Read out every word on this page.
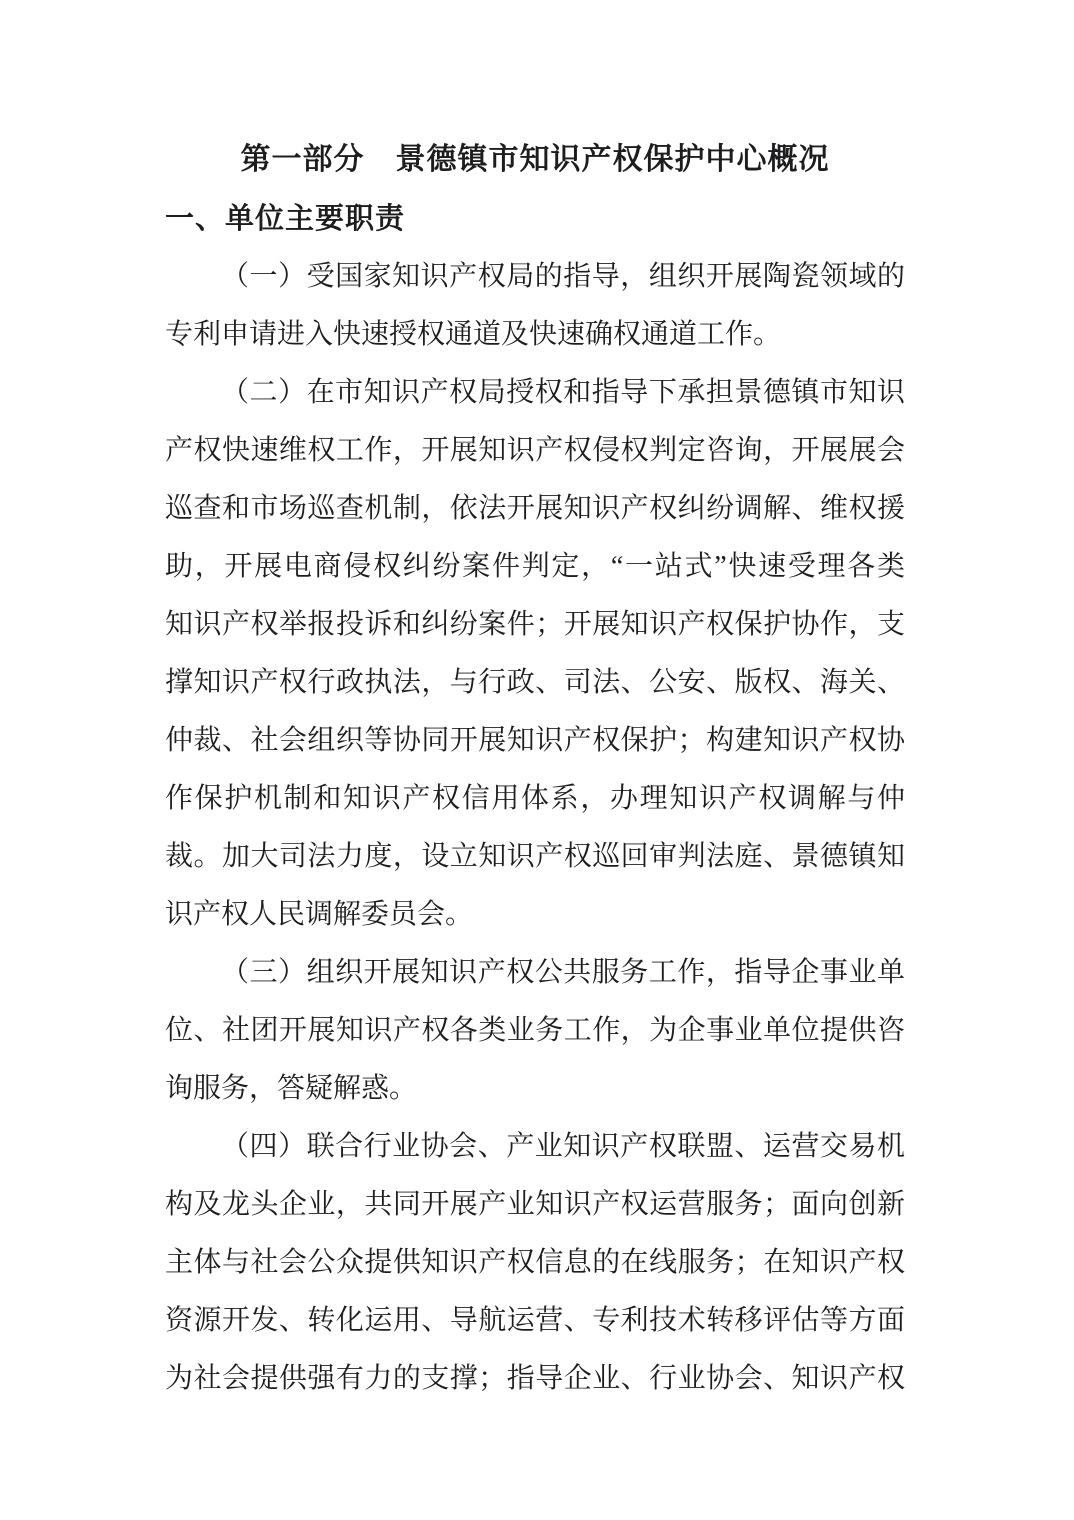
第一部分　景德镇市知识产权保护中心概况
一、单位主要职责
（一）受国家知识产权局的指导，组织开展陶瓷领域的
专利申请进入快速授权通道及快速确权通道工作。
（二）在市知识产权局授权和指导下承担景德镇市知识
产权快速维权工作，开展知识产权侵权判定咨询，开展展会
巡查和市场巡查机制，依法开展知识产权纠纷调解、维权援
助，开展电商侵权纠纷案件判定，“一站式”快速受理各类
知识产权举报投诉和纠纷案件；开展知识产权保护协作，支
撑知识产权行政执法，与行政、司法、公安、版权、海关、
仲裁、社会组织等协同开展知识产权保护；构建知识产权协
作保护机制和知识产权信用体系，办理知识产权调解与仲
裁。加大司法力度，设立知识产权巡回审判法庭、景德镇知
识产权人民调解委员会。
（三）组织开展知识产权公共服务工作，指导企事业单
位、社团开展知识产权各类业务工作，为企事业单位提供咨
询服务，答疑解惑。
（四）联合行业协会、产业知识产权联盟、运营交易机
构及龙头企业，共同开展产业知识产权运营服务；面向创新
主体与社会公众提供知识产权信息的在线服务；在知识产权
资源开发、转化运用、导航运营、专利技术转移评估等方面
为社会提供强有力的支撑；指导企业、行业协会、知识产权
